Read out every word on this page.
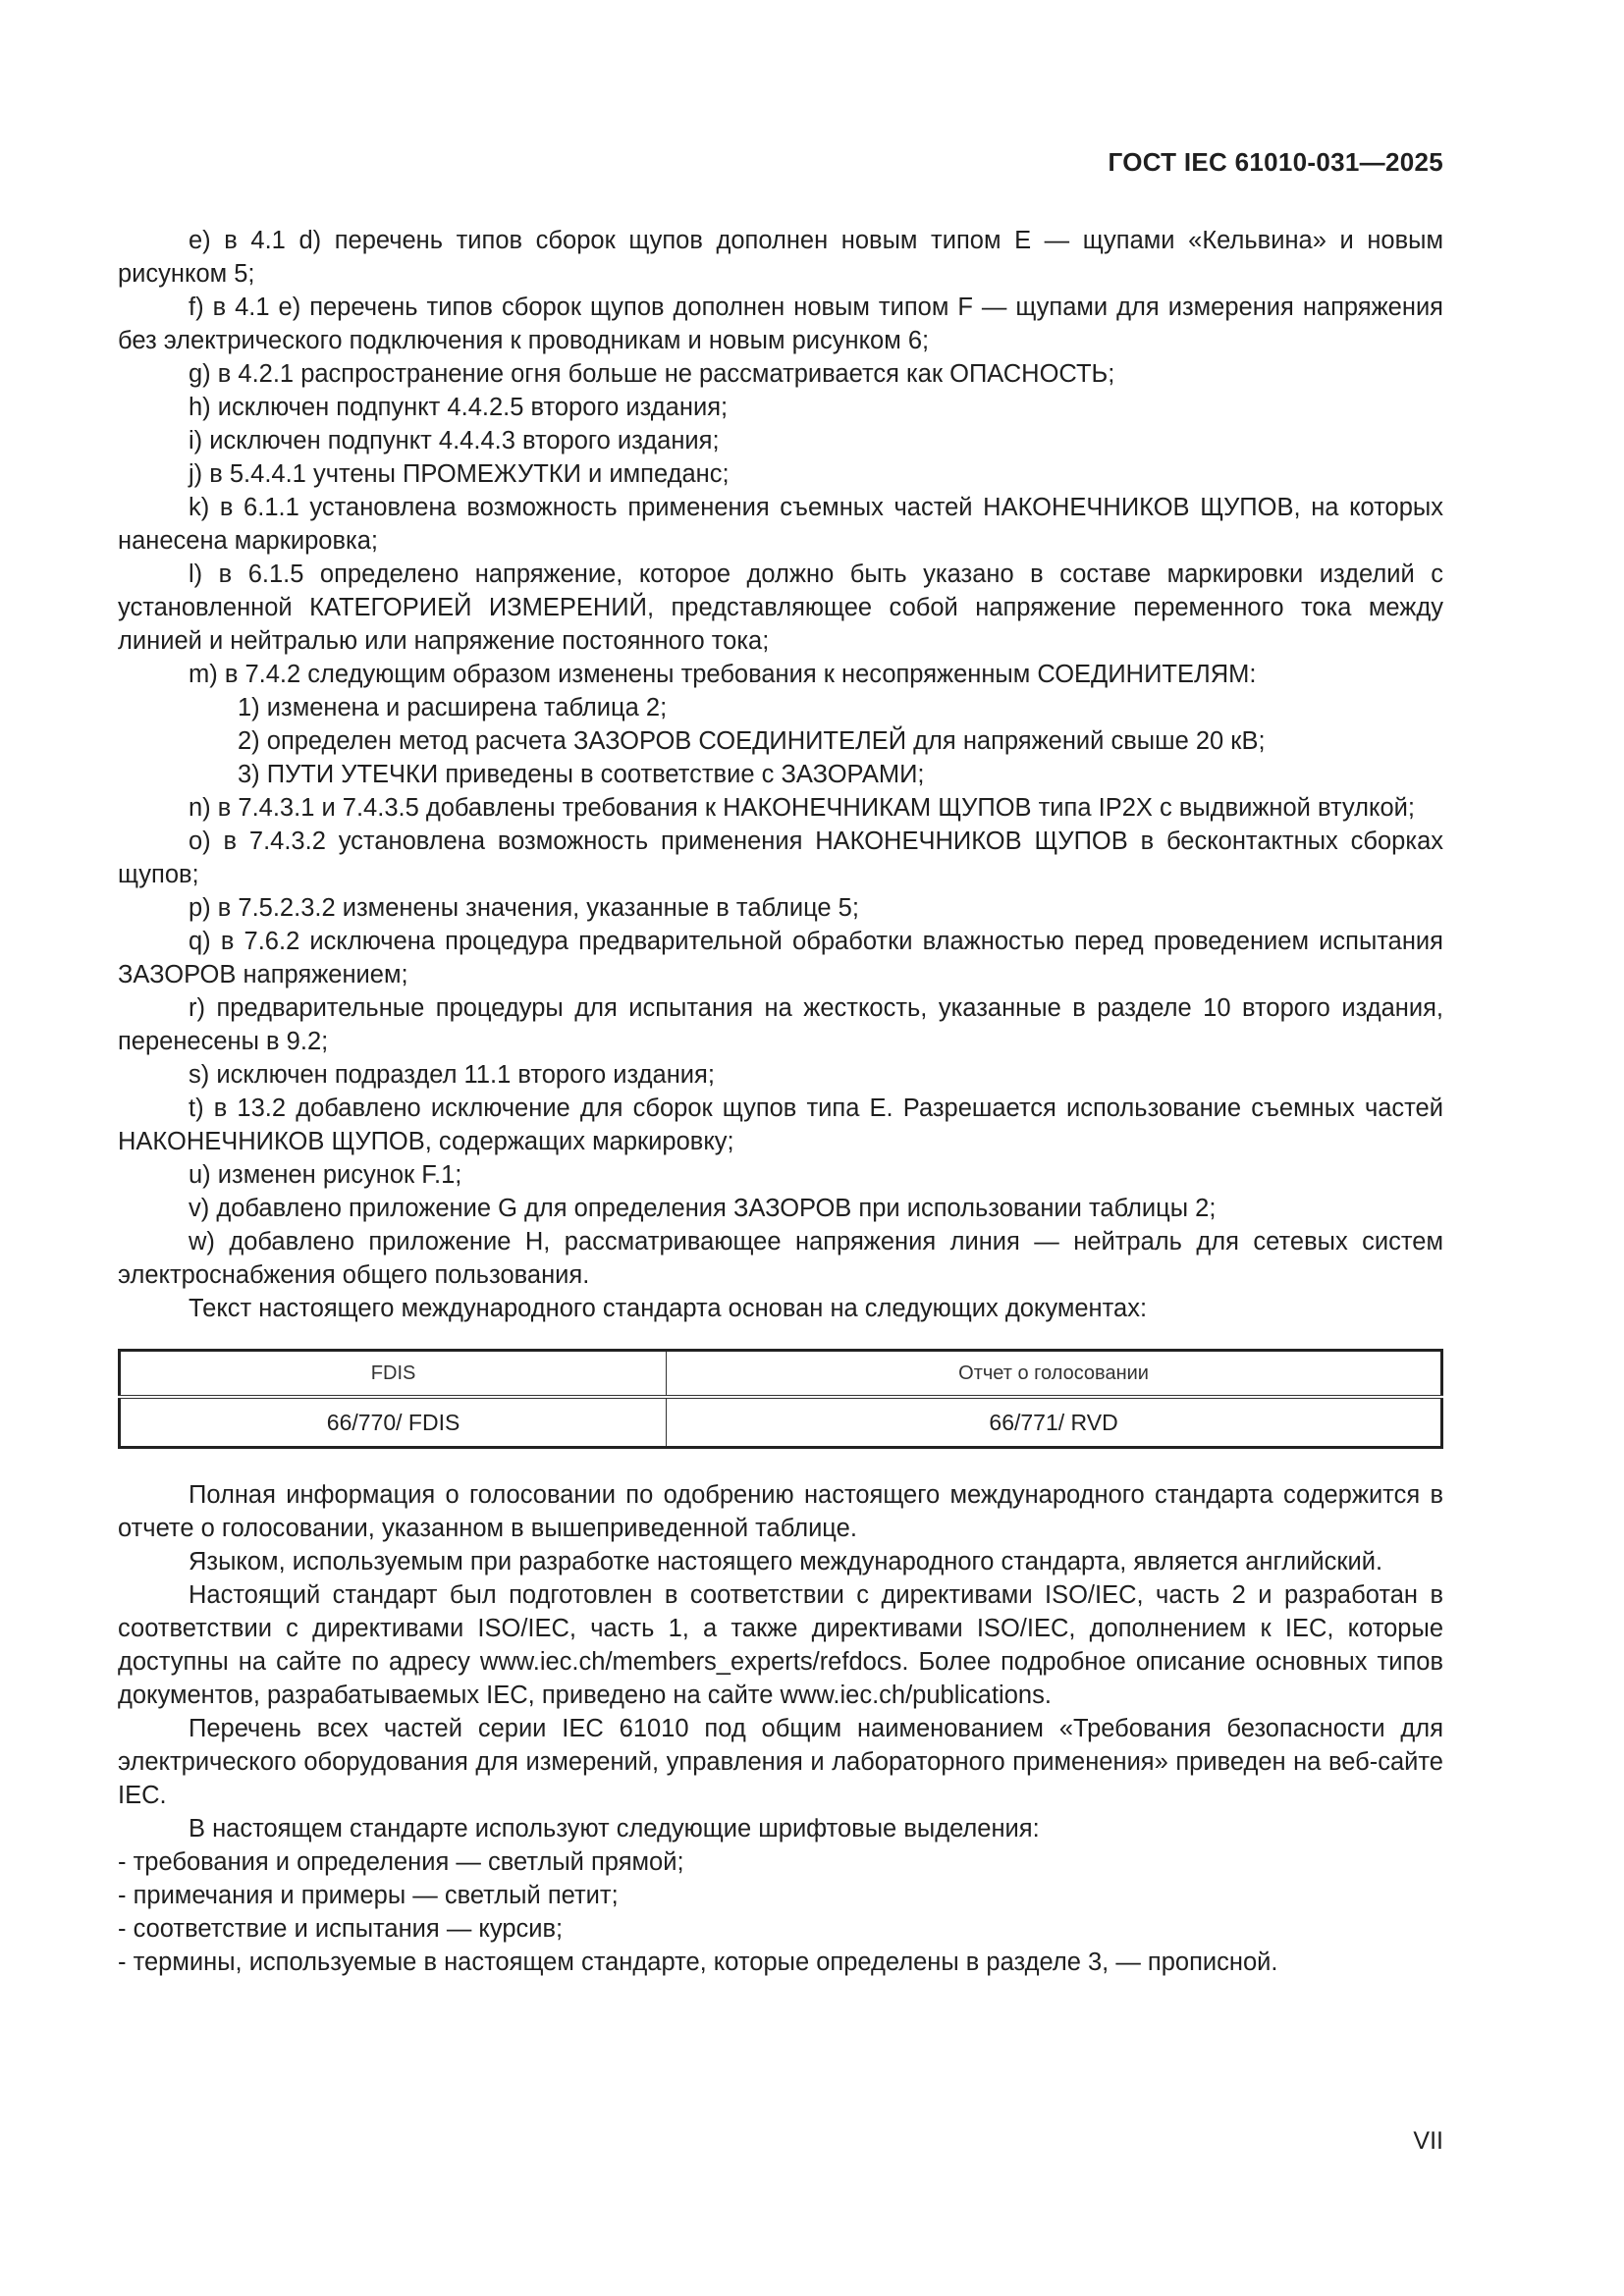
ГОСТ IEC 61010-031—2025

e) в 4.1 d) перечень типов сборок щупов дополнен новым типом Е — щупами «Кельвина» и новым рисунком 5;

f) в 4.1 e) перечень типов сборок щупов дополнен новым типом F — щупами для измерения напряжения без электрического подключения к проводникам и новым рисунком 6;

g) в 4.2.1 распространение огня больше не рассматривается как ОПАСНОСТЬ;

h) исключен подпункт 4.4.2.5 второго издания;

i) исключен подпункт 4.4.4.3 второго издания;

j) в 5.4.4.1 учтены ПРОМЕЖУТКИ и импеданс;

k) в 6.1.1 установлена возможность применения съемных частей НАКОНЕЧНИКОВ ЩУПОВ, на которых нанесена маркировка;

l) в 6.1.5 определено напряжение, которое должно быть указано в составе маркировки изделий с установленной КАТЕГОРИЕЙ ИЗМЕРЕНИЙ, представляющее собой напряжение переменного тока между линией и нейтралью или напряжение постоянного тока;

m) в 7.4.2 следующим образом изменены требования к несопряженным СОЕДИНИТЕЛЯМ:

1) изменена и расширена таблица 2;

2) определен метод расчета ЗАЗОРОВ СОЕДИНИТЕЛЕЙ для напряжений свыше 20 кВ;

3) ПУТИ УТЕЧКИ приведены в соответствие с ЗАЗОРАМИ;

n) в 7.4.3.1 и 7.4.3.5 добавлены требования к НАКОНЕЧНИКАМ ЩУПОВ типа IP2X с выдвижной втулкой;

o) в 7.4.3.2 установлена возможность применения НАКОНЕЧНИКОВ ЩУПОВ в бесконтактных сборках щупов;

p) в 7.5.2.3.2 изменены значения, указанные в таблице 5;

q) в 7.6.2 исключена процедура предварительной обработки влажностью перед проведением испытания ЗАЗОРОВ напряжением;

r) предварительные процедуры для испытания на жесткость, указанные в разделе 10 второго издания, перенесены в 9.2;

s) исключен подраздел 11.1 второго издания;

t) в 13.2 добавлено исключение для сборок щупов типа Е. Разрешается использование съемных частей НАКОНЕЧНИКОВ ЩУПОВ, содержащих маркировку;

u) изменен рисунок F.1;

v) добавлено приложение G для определения ЗАЗОРОВ при использовании таблицы 2;

w) добавлено приложение H, рассматривающее напряжения линия — нейтраль для сетевых систем электроснабжения общего пользования.

Текст настоящего международного стандарта основан на следующих документах:

FDIS	Отчет о голосовании
66/770/ FDIS	66/771/ RVD

Полная информация о голосовании по одобрению настоящего международного стандарта содержится в отчете о голосовании, указанном в вышеприведенной таблице.

Языком, используемым при разработке настоящего международного стандарта, является английский.

Настоящий стандарт был подготовлен в соответствии с директивами ISO/IEC, часть 2 и разработан в соответствии с директивами ISO/IEC, часть 1, а также директивами ISO/IEC, дополнением к IEC, которые доступны на сайте по адресу www.iec.ch/members_experts/refdocs. Более подробное описание основных типов документов, разрабатываемых IEC, приведено на сайте www.iec.ch/publications.

Перечень всех частей серии IEC 61010 под общим наименованием «Требования безопасности для электрического оборудования для измерений, управления и лабораторного применения» приведен на веб-сайте IEC.

В настоящем стандарте используют следующие шрифтовые выделения:

- требования и определения — светлый прямой;

- примечания и примеры — светлый петит;

- соответствие и испытания — курсив;

- термины, используемые в настоящем стандарте, которые определены в разделе 3, — прописной.

VII
